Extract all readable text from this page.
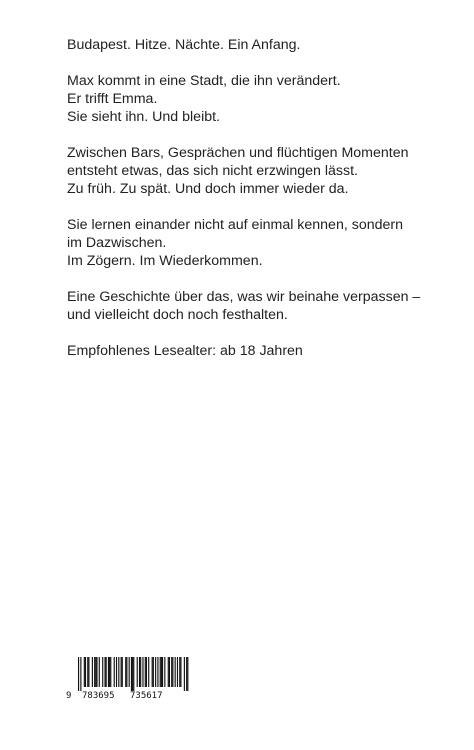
Budapest. Hitze. Nächte. Ein Anfang.

Max kommt in eine Stadt, die ihn verändert.
Er trifft Emma.
Sie sieht ihn. Und bleibt.

Zwischen Bars, Gesprächen und flüchtigen Momenten
entsteht etwas, das sich nicht erzwingen lässt.
Zu früh. Zu spät. Und doch immer wieder da.

Sie lernen einander nicht auf einmal kennen, sondern
im Dazwischen.
Im Zögern. Im Wiederkommen.

Eine Geschichte über das, was wir beinahe verpassen –
und vielleicht doch noch festhalten.

Empfohlenes Lesealter: ab 18 Jahren

9 783695 735617
